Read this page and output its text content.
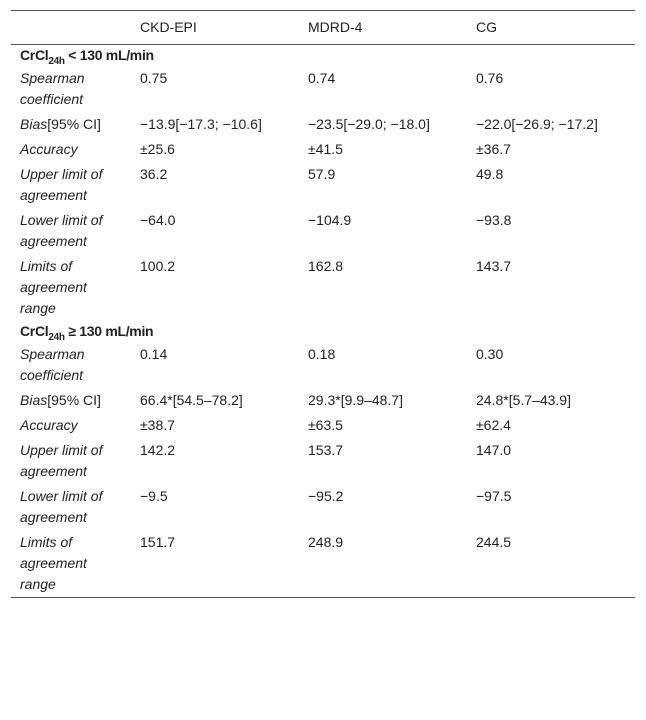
	CKD-EPI	MDRD-4	CG
CrCl$_{24h}$ < 130 mL/min			
Spearman coefficient	0.75	0.74	0.76
Bias[95% CI]	−13.9[−17.3; −10.6]	−23.5[−29.0; −18.0]	−22.0[−26.9; −17.2]
Accuracy	±25.6	±41.5	±36.7
Upper limit of agreement	36.2	57.9	49.8
Lower limit of agreement	−64.0	−104.9	−93.8
Limits of agreement range	100.2	162.8	143.7
CrCl$_{24h}$ ≥ 130 mL/min			
Spearman coefficient	0.14	0.18	0.30
Bias[95% CI]	66.4*[54.5–78.2]	29.3*[9.9–48.7]	24.8*[5.7–43.9]
Accuracy	±38.7	±63.5	±62.4
Upper limit of agreement	142.2	153.7	147.0
Lower limit of agreement	−9.5	−95.2	−97.5
Limits of agreement range	151.7	248.9	244.5
